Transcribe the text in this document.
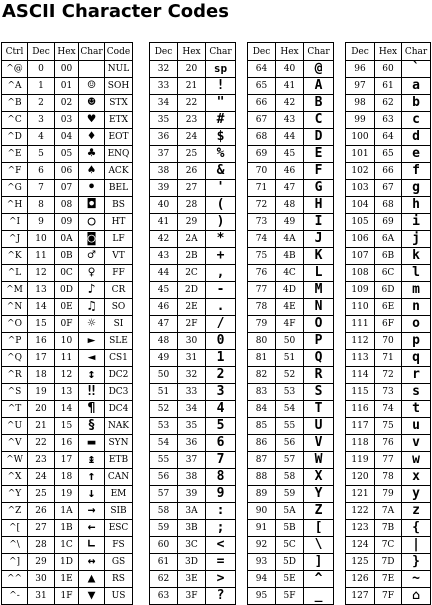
ASCII Character Codes
Ctrl	Dec	Hex	Char	Code
^@	0	00		NUL
^A	1	01	☺	SOH
^B	2	02	☻	STX
^C	3	03	♥	ETX
^D	4	04	♦	EOT
^E	5	05	♣	ENQ
^F	6	06	♠	ACK
^G	7	07	•	BEL
^H	8	08	◘	BS
^I	9	09	○	HT
^J	10	0A	◙	LF
^K	11	0B	♂	VT
^L	12	0C	♀	FF
^M	13	0D	♪	CR
^N	14	0E	♫	SO
^O	15	0F	☼	SI
^P	16	10	►	SLE
^Q	17	11	◄	CS1
^R	18	12	↕	DC2
^S	19	13	‼	DC3
^T	20	14	¶	DC4
^U	21	15	§	NAK
^V	22	16	▬	SYN
^W	23	17	↨	ETB
^X	24	18	↑	CAN
^Y	25	19	↓	EM
^Z	26	1A	→	SIB
^[	27	1B	←	ESC
^\	28	1C	∟	FS
^]	29	1D	↔	GS
^^	30	1E	▲	RS
^-	31	1F	▼	US
Dec	Hex	Char
32	20	sp
33	21	!
34	22	"
35	23	#
36	24	$
37	25	%
38	26	&
39	27	'
40	28	(
41	29	)
42	2A	*
43	2B	+
44	2C	,
45	2D	-
46	2E	.
47	2F	/
48	30	0
49	31	1
50	32	2
51	33	3
52	34	4
53	35	5
54	36	6
55	37	7
56	38	8
57	39	9
58	3A	:
59	3B	;
60	3C	<
61	3D	=
62	3E	>
63	3F	?
Dec	Hex	Char
64	40	@
65	41	A
66	42	B
67	43	C
68	44	D
69	45	E
70	46	F
71	47	G
72	48	H
73	49	I
74	4A	J
75	4B	K
76	4C	L
77	4D	M
78	4E	N
79	4F	O
80	50	P
81	51	Q
82	52	R
83	53	S
84	54	T
85	55	U
86	56	V
87	57	W
88	58	X
89	59	Y
90	5A	Z
91	5B	[
92	5C	\
93	5D	]
94	5E	^
95	5F	_
Dec	Hex	Char
96	60	`
97	61	a
98	62	b
99	63	c
100	64	d
101	65	e
102	66	f
103	67	g
104	68	h
105	69	i
106	6A	j
107	6B	k
108	6C	l
109	6D	m
110	6E	n
111	6F	o
112	70	p
113	71	q
114	72	r
115	73	s
116	74	t
117	75	u
118	76	v
119	77	w
120	78	x
121	79	y
122	7A	z
123	7B	{
124	7C	|
125	7D	}
126	7E	~
127	7F	⌂
